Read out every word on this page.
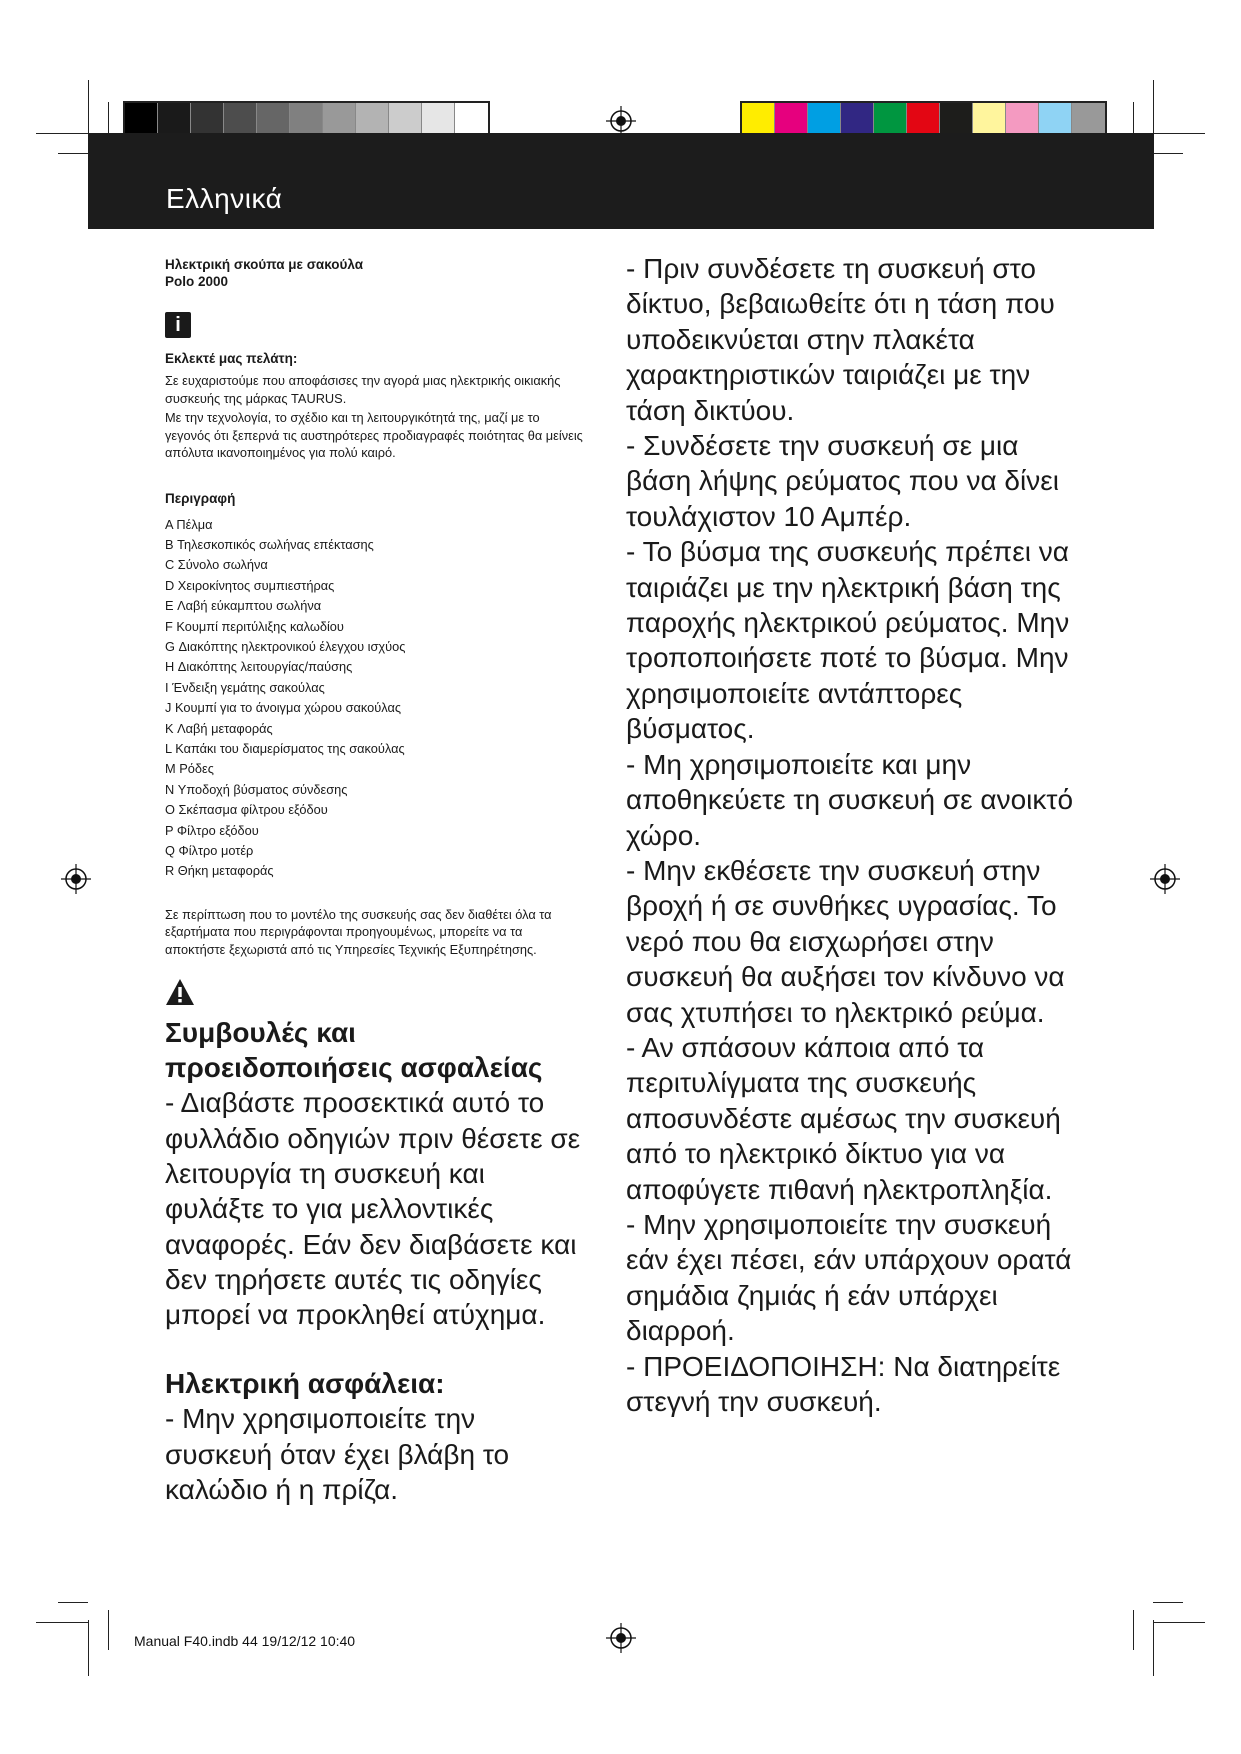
Ελληνικά
Ηλεκτρική σκούπα με σακούλα
Polo 2000
i
Εκλεκτέ μας πελάτη:
Σε ευχαριστούμε που αποφάσισες την αγορά μιας ηλεκτρικής οικιακής συσκευής της μάρκας TAURUS.
Με την τεχνολογία, το σχέδιο και τη λειτουργικότητά της, μαζί με το γεγονός ότι ξεπερνά τις αυστηρότερες προδιαγραφές ποιότητας θα μείνεις απόλυτα ικανοποιημένος για πολύ καιρό.
Περιγραφή
A Πέλμα
B Τηλεσκοπικός σωλήνας επέκτασης
C Σύνολο σωλήνα
D Χειροκίνητος συμπιεστήρας
E Λαβή εύκαμπτου σωλήνα
F Κουμπί περιτύλιξης καλωδίου
G Διακόπτης ηλεκτρονικού έλεγχου ισχύος
H Διακόπτης λειτουργίας/παύσης
I Ένδειξη γεμάτης σακούλας
J Κουμπί για το άνοιγμα χώρου σακούλας
K Λαβή μεταφοράς
L Καπάκι του διαμερίσματος της σακούλας
M Ρόδες
N Υποδοχή βύσματος σύνδεσης
O Σκέπασμα φίλτρου εξόδου
P Φίλτρο εξόδου
Q Φίλτρο μοτέρ
R Θήκη μεταφοράς
Σε περίπτωση που το μοντέλο της συσκευής σας δεν διαθέτει όλα τα εξαρτήματα που περιγράφονται προηγουμένως, μπορείτε να τα αποκτήστε ξεχωριστά από τις Υπηρεσίες Τεχνικής Εξυπηρέτησης.
Συμβουλές και προειδοποιήσεις ασφαλείας
- Διαβάστε προσεκτικά αυτό το φυλλάδιο οδηγιών πριν θέσετε σε λειτουργία τη συσκευή και φυλάξτε το για μελλοντικές αναφορές. Εάν δεν διαβάσετε και δεν τηρήσετε αυτές τις οδηγίες μπορεί να προκληθεί ατύχημα.
Ηλεκτρική ασφάλεια:
- Μην χρησιμοποιείτε την συσκευή όταν έχει βλάβη το καλώδιο ή η πρίζα.
- Πριν συνδέσετε τη συσκευή στο δίκτυο, βεβαιωθείτε ότι η τάση που υποδεικνύεται στην πλακέτα χαρακτηριστικών ταιριάζει με την τάση δικτύου.
- Συνδέσετε την συσκευή σε μια βάση λήψης ρεύματος που να δίνει τουλάχιστον 10 Αμπέρ.
- Το βύσμα της συσκευής πρέπει να ταιριάζει με την ηλεκτρική βάση της παροχής ηλεκτρικού ρεύματος. Μην τροποποιήσετε ποτέ το βύσμα. Μην χρησιμοποιείτε αντάπτορες βύσματος.
- Μη χρησιμοποιείτε και μην αποθηκεύετε τη συσκευή σε ανοικτό χώρο.
- Μην εκθέσετε την συσκευή στην βροχή ή σε συνθήκες υγρασίας. Το νερό που θα εισχωρήσει στην συσκευή θα αυξήσει τον κίνδυνο να σας χτυπήσει το ηλεκτρικό ρεύμα.
- Αν σπάσουν κάποια από τα περιτυλίγματα της συσκευής αποσυνδέστε αμέσως την συσκευή από το ηλεκτρικό δίκτυο για να αποφύγετε πιθανή ηλεκτροπληξία.
- Μην χρησιμοποιείτε την συσκευή εάν έχει πέσει, εάν υπάρχουν ορατά σημάδια ζημιάς ή εάν υπάρχει διαρροή.
- ΠΡΟΕΙΔΟΠΟΙΗΣΗ: Να διατηρείτε στεγνή την συσκευή.
Manual F40.indb 44 19/12/12 10:40
